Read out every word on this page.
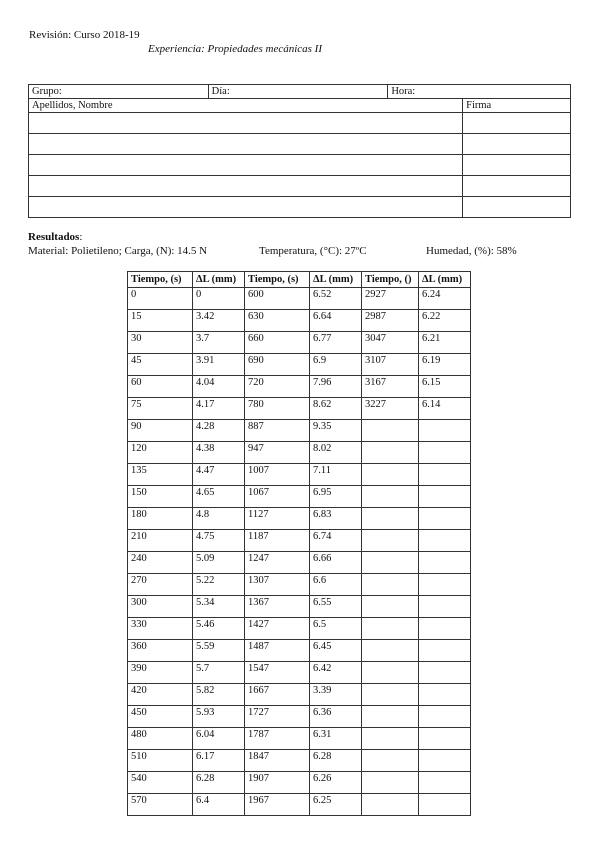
Revisión: Curso 2018-19
Experiencia: Propiedades mecánicas II
Grupo:	Día:	Hora:	
Apellidos, Nombre			Firma

Resultados:
Material: Polietileno; Carga, (N): 14.5 N	Temperatura, (°C): 27ºC	Humedad, (%): 58%
Tiempo, (s)	ΔL (mm)	Tiempo, (s)	ΔL (mm)	Tiempo, ()	ΔL (mm)
0	0	600	6.52	2927	6.24
15	3.42	630	6.64	2987	6.22
30	3.7	660	6.77	3047	6.21
45	3.91	690	6.9	3107	6.19
60	4.04	720	7.96	3167	6.15
75	4.17	780	8.62	3227	6.14
90	4.28	887	9.35		
120	4.38	947	8.02		
135	4.47	1007	7.11		
150	4.65	1067	6.95		
180	4.8	1127	6.83		
210	4.75	1187	6.74		
240	5.09	1247	6.66		
270	5.22	1307	6.6		
300	5.34	1367	6.55		
330	5.46	1427	6.5		
360	5.59	1487	6.45		
390	5.7	1547	6.42		
420	5.82	1667	3.39		
450	5.93	1727	6.36		
480	6.04	1787	6.31		
510	6.17	1847	6.28		
540	6.28	1907	6.26		
570	6.4	1967	6.25		
